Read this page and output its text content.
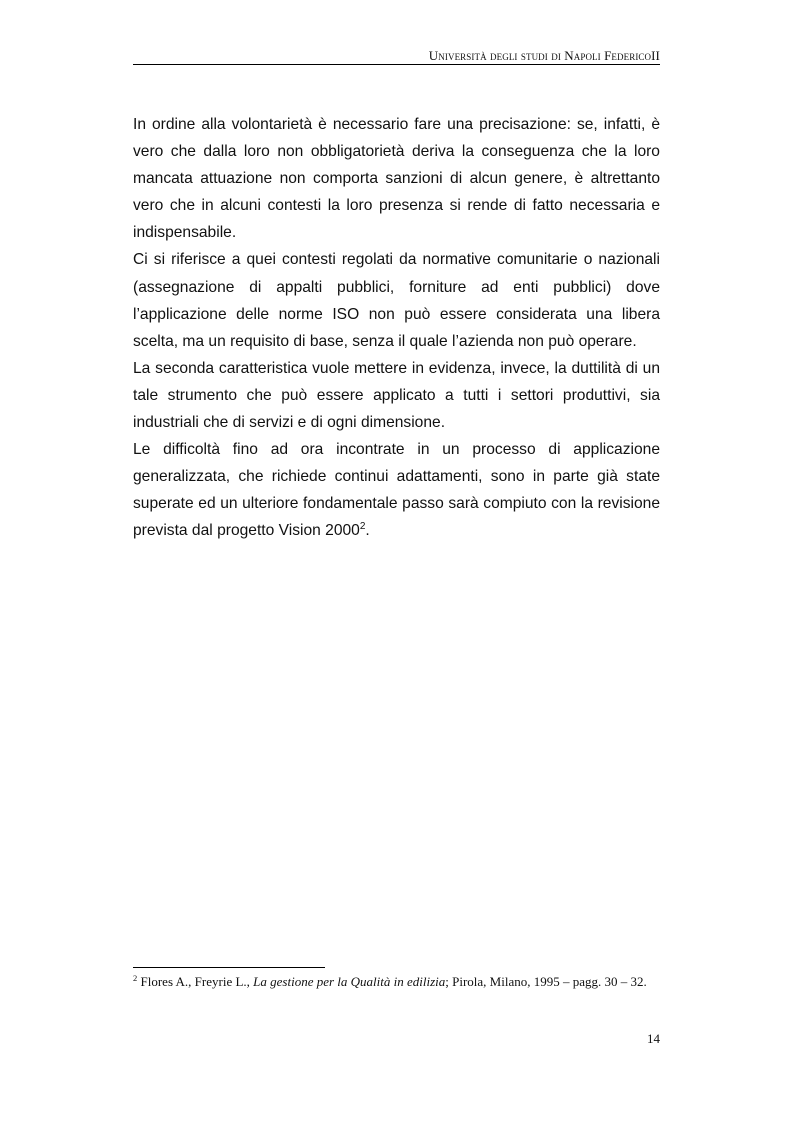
Università degli studi di Napoli FedericoII

In ordine alla volontarietà è necessario fare una precisazione: se, infatti, è vero che dalla loro non obbligatorietà deriva la conseguenza che la loro mancata attuazione non comporta sanzioni di alcun genere, è altrettanto vero che in alcuni contesti la loro presenza si rende di fatto necessaria e indispensabile.

Ci si riferisce a quei contesti regolati da normative comunitarie o nazionali (assegnazione di appalti pubblici, forniture ad enti pubblici) dove l’applicazione delle norme ISO non può essere considerata una libera scelta, ma un requisito di base, senza il quale l’azienda non può operare.

La seconda caratteristica vuole mettere in evidenza, invece, la duttilità di un tale strumento che può essere applicato a tutti i settori produttivi, sia industriali che di servizi e di ogni dimensione.

Le difficoltà fino ad ora incontrate in un processo di applicazione generalizzata, che richiede continui adattamenti, sono in parte già state superate ed un ulteriore fondamentale passo sarà compiuto con la revisione prevista dal progetto Vision 2000$^2$.

$^2$ Flores A., Freyrie L., La gestione per la Qualità in edilizia; Pirola, Milano, 1995 – pagg. 30 – 32.
14
